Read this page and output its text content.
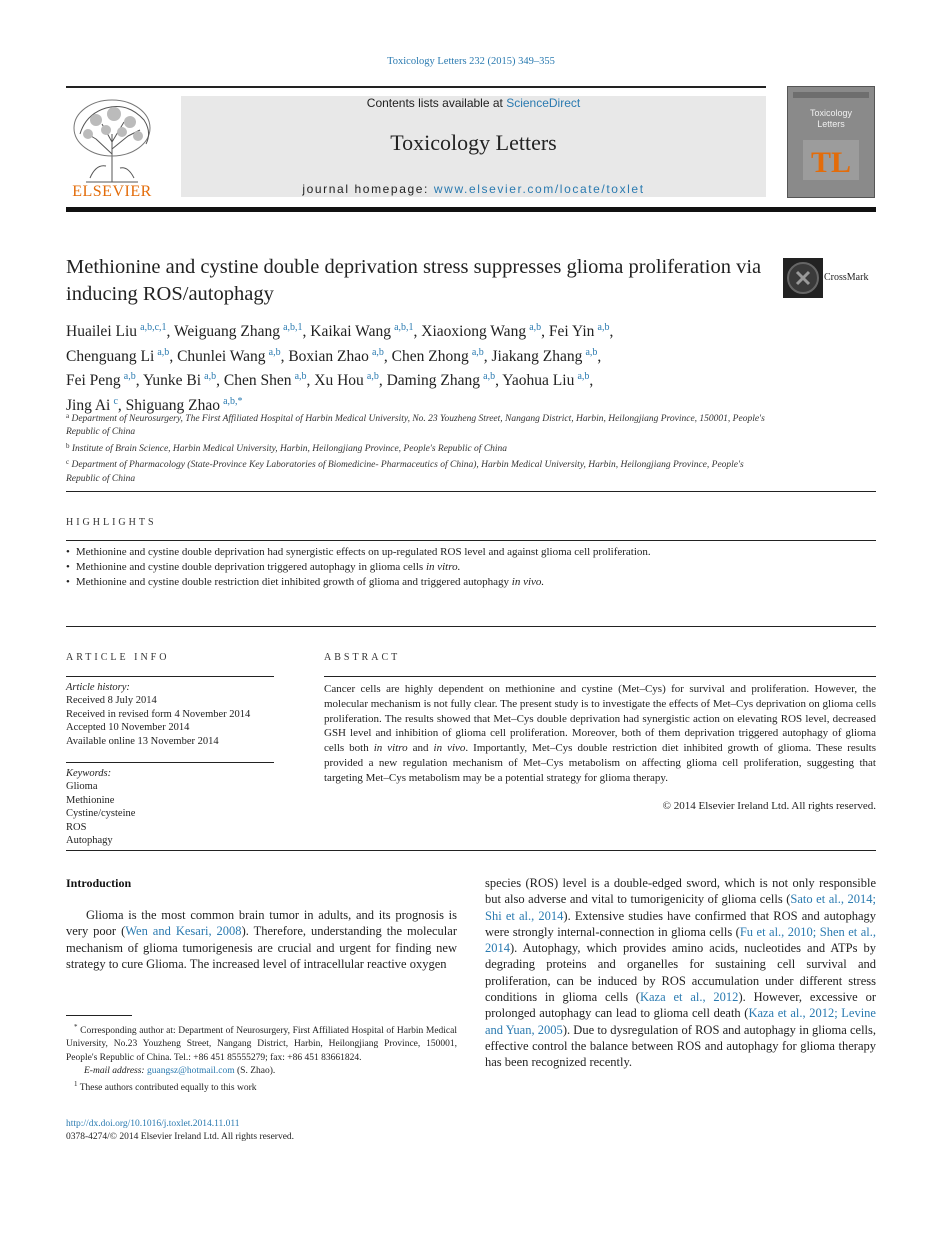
Toxicology Letters 232 (2015) 349–355
ELSEVIER
Contents lists available at ScienceDirect
Toxicology Letters
journal homepage: www.elsevier.com/locate/toxlet
Toxicology
Letters
TL
Methionine and cystine double deprivation stress suppresses glioma proliferation via inducing ROS/autophagy
CrossMark
Huailei Liu  $^{a,b,c,1}$, Weiguang Zhang  $^{a,b,1}$, Kaikai Wang  $^{a,b,1}$, Xiaoxiong Wang  $^{a,b}$, Fei Yin  $^{a,b}$,
Chenguang Li  $^{a,b}$, Chunlei Wang  $^{a,b}$, Boxian Zhao  $^{a,b}$, Chen Zhong  $^{a,b}$, Jiakang Zhang  $^{a,b}$,
Fei Peng  $^{a,b}$, Yunke Bi  $^{a,b}$, Chen Shen  $^{a,b}$, Xu Hou  $^{a,b}$, Daming Zhang  $^{a,b}$, Yaohua Liu  $^{a,b}$,
Jing Ai  $^c$, Shiguang Zhao  $^{a,b,*}$
$^a$ Department of Neurosurgery, The First Affiliated Hospital of Harbin Medical University, No. 23 Youzheng Street, Nangang District, Harbin, Heilongjiang Province, 150001, People's Republic of China
$^b$ Institute of Brain Science, Harbin Medical University, Harbin, Heilongjiang Province, People's Republic of China
$^c$ Department of Pharmacology (State-Province Key Laboratories of Biomedicine- Pharmaceutics of China), Harbin Medical University, Harbin, Heilongjiang Province, People's Republic of China
HIGHLIGHTS
• Methionine and cystine double deprivation had synergistic effects on up-regulated ROS level and against glioma cell proliferation.
• Methionine and cystine double deprivation triggered autophagy in glioma cells in vitro.
• Methionine and cystine double restriction diet inhibited growth of glioma and triggered autophagy in vivo.
ARTICLE INFO
Article history:
Received 8 July 2014
Received in revised form 4 November 2014
Accepted 10 November 2014
Available online 13 November 2014
Keywords:
Glioma
Methionine
Cystine/cysteine
ROS
Autophagy
ABSTRACT
Cancer cells are highly dependent on methionine and cystine (Met–Cys) for survival and proliferation. However, the molecular mechanism is not fully clear. The present study is to investigate the effects of Met–Cys deprivation on glioma cells proliferation. The results showed that Met–Cys double deprivation had synergistic action on elevating ROS level, decreased GSH level and inhibition of glioma cell proliferation. Moreover, both of them deprivation triggered autophagy of glioma cells both in vitro and in vivo. Importantly, Met–Cys double restriction diet inhibited growth of glioma. These results provided a new regulation mechanism of Met–Cys metabolism on affecting glioma cell proliferation, suggesting that targeting Met–Cys metabolism may be a potential strategy for glioma therapy.
© 2014 Elsevier Ireland Ltd. All rights reserved.
Introduction
Glioma is the most common brain tumor in adults, and its prognosis is very poor (Wen and Kesari, 2008). Therefore, understanding the molecular mechanism of glioma tumorigenesis are crucial and urgent for finding new strategy to cure Glioma. The increased level of intracellular reactive oxygen
species (ROS) level is a double-edged sword, which is not only responsible but also adverse and vital to tumorigenicity of glioma cells (Sato et al., 2014; Shi et al., 2014). Extensive studies have confirmed that ROS and autophagy were strongly internal-connection in glioma cells (Fu et al., 2010; Shen et al., 2014). Autophagy, which provides amino acids, nucleotides and ATPs by degrading proteins and organelles for sustaining cell survival and proliferation, can be induced by ROS accumulation under different stress conditions in glioma cells (Kaza et al., 2012). However, excessive or prolonged autophagy can lead to glioma cell death (Kaza et al., 2012; Levine and Yuan, 2005). Due to dysregulation of ROS and autophagy in glioma cells, effective control the balance between ROS and autophagy for glioma therapy has been recognized recently.
* Corresponding author at: Department of Neurosurgery, First Affiliated Hospital of Harbin Medical University, No.23 Youzheng Street, Nangang District, Harbin, Heilongjiang Province, 150001, People's Republic of China. Tel.: +86 451 85555279; fax: +86 451 83661824.
E-mail address: guangsz@hotmail.com (S. Zhao).
$^1$ These authors contributed equally to this work
http://dx.doi.org/10.1016/j.toxlet.2014.11.011
0378-4274/© 2014 Elsevier Ireland Ltd. All rights reserved.
